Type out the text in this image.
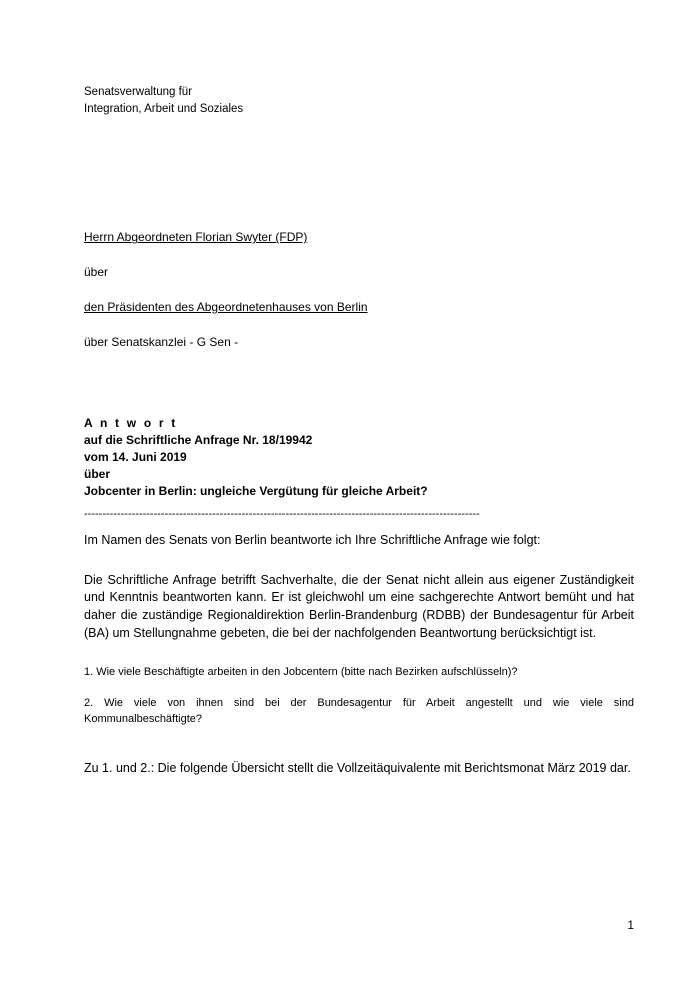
Senatsverwaltung für
Integration, Arbeit und Soziales
Herrn Abgeordneten Florian Swyter (FDP)
über
den Präsidenten des Abgeordnetenhauses von Berlin
über Senatskanzlei - G Sen -
A n t w o r t
auf die Schriftliche Anfrage Nr. 18/19942
vom 14. Juni 2019
über
Jobcenter in Berlin: ungleiche Vergütung für gleiche Arbeit?
------------------------------------------------------------------------------------------------------------
Im Namen des Senats von Berlin beantworte ich Ihre Schriftliche Anfrage wie folgt:
Die Schriftliche Anfrage betrifft Sachverhalte, die der Senat nicht allein aus eigener Zuständigkeit und Kenntnis beantworten kann. Er ist gleichwohl um eine sachgerechte Antwort bemüht und hat daher die zuständige Regionaldirektion Berlin-Brandenburg (RDBB) der Bundesagentur für Arbeit (BA) um Stellungnahme gebeten, die bei der nachfolgenden Beantwortung berücksichtigt ist.
1. Wie viele Beschäftigte arbeiten in den Jobcentern (bitte nach Bezirken aufschlüsseln)?
2. Wie viele von ihnen sind bei der Bundesagentur für Arbeit angestellt und wie viele sind Kommunalbeschäftigte?
Zu 1. und 2.: Die folgende Übersicht stellt die Vollzeitäquivalente mit Berichtsmonat März 2019 dar.
1
